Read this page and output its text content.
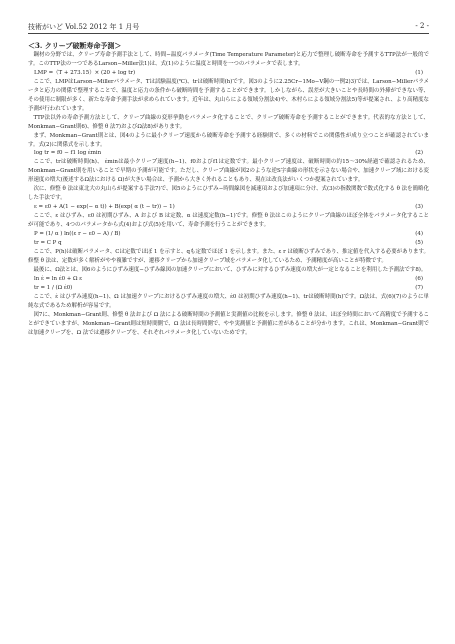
技術がいど Vol.52 2012 年 1 月号	- 2 -
＜3. クリープ破断寿命予測＞

鋼材の分野では、クリープ寿命予測手法として、時間−温度パラメータ(Time Temperature Parameter)と応力で整理し破断寿命を予測するTTP法が一般的です。このTTP法の一つであるLarson−Miller法1)は、式(1)のように温度と時間を一つのパラメータで表します。

LMP =（T + 273.15）× (20 + log tr)	(1)

ここで、LMPはLarson−Millerパラメータ、Tは試験温度(℃)、trは破断時間(h)です。図3のように2.25Cr−1Mo−V鋼の一例2)3)では、Larson−Millerパラメータと応力の関係で整理することで、温度と応力の条件から破断時間を予測することができます。しかしながら、誤差が大きいことや長時間の外挿ができない等、その使用に制限が多く、新たな寿命予測手法が求められています。近年は、丸山らによる領域分割法4)や、木村らによる領域分割法5)等が提案され、より高精度な予測が行われています。

TTP法以外の寿命予測方法として、クリープ曲線の変形挙動をパラメータ化することで、クリープ破断寿命を予測することができます。代表的な方法として、Monkman−Grant則6)、修整 θ 法7)およびΩ法8)があります。

まず、Monkman−Grant則とは、図4のように最小クリープ速度から破断寿命を予測する経験則で、多くの材料でこの関係性が成り立つことが確認されています。式(2)に関係式を示します。

log tr = f0 − f1 log ε̇min	(2)

ここで、trは破断時間(h)、 ε̇minは最小クリープ速度(h−1)、f0およびf1は定数です。最小クリープ速度は、破断時間の約15〜30%経過で確認されるため、Monkman−Grant則を用いることで早期の予測が可能です。ただし、クリープ曲線が図2のような逆S字曲線の形状を示さない場合や、加速クリープ域における変形速度の増大(後述するΩ法における Ω)が大きい場合は、予測から大きく外れることもあり、現在は改良法がいくつか提案されています。

次に、修整 θ 法は東北大の丸山らが提案する手法7)で、図5のようにひずみ−時間線図を減速項および加速項に分け、式(3)の指数関数で数式化する θ 法を簡略化した手法です。

ε = ε0 + A(1 − exp(− α t)) + B(exp( α (t − tr)) − 1)	(3)

ここで、ε はひずみ、ε0 は初期ひずみ、A および B は定数、α は速度定数(h−1)です。修整 θ 法はこのようにクリープ曲線のほぼ全体をパラメータ化することが可能であり、4つのパラメータから式(4)および式(5)を用いて、寿命予測を行うことができます。

P = (1/ α ) ln((ε r − ε0 − A) / B)	(4)
tr = C P q	(5)

ここで、P(h)は破断パラメータ、Cは定数でほぼ 1 を示すと、qも定数でほぼ 1 を示します。また、ε r は破断ひずみであり、推定値を代入する必要があります。修整 θ 法は、定数が多く解析がやや複雑ですが、遷移クリープから加速クリープ域をパラメータ化しているため、予測精度が高いことが特徴です。

最後に、Ω法とは、図6のようにひずみ速度−ひずみ線図の加速クリープにおいて、ひずみに対するひずみ速度の増大が一定となることを利用した予測法です8)。

ln ε̇ = ln ε̇0 + Ω ε	(6)
tr = 1 / (Ω ε̇0)	(7)

ここで、ε̇ はひずみ速度(h−1)、Ω は加速クリープにおけるひずみ速度の増大、ε̇0 は初期ひずみ速度(h−1)、trは破断時間(h)です。Ω法は、式(6)(7)のように単純な式であるため解析が容易です。

図7に、Monkman−Grant則、修整 θ 法および Ω 法による破断時間の予測値と実測値の比較を示します。修整 θ 法は、ほぼ全時間において高精度で予測することができていますが、Monkman−Grant則は短時間側で、Ω 法は長時間側で、やや実測値と予測値に差があることが分かります。これは、Monkman−Grant則では加速クリープを、Ω 法では遷移クリープを、それぞれパラメータ化していないためです。
